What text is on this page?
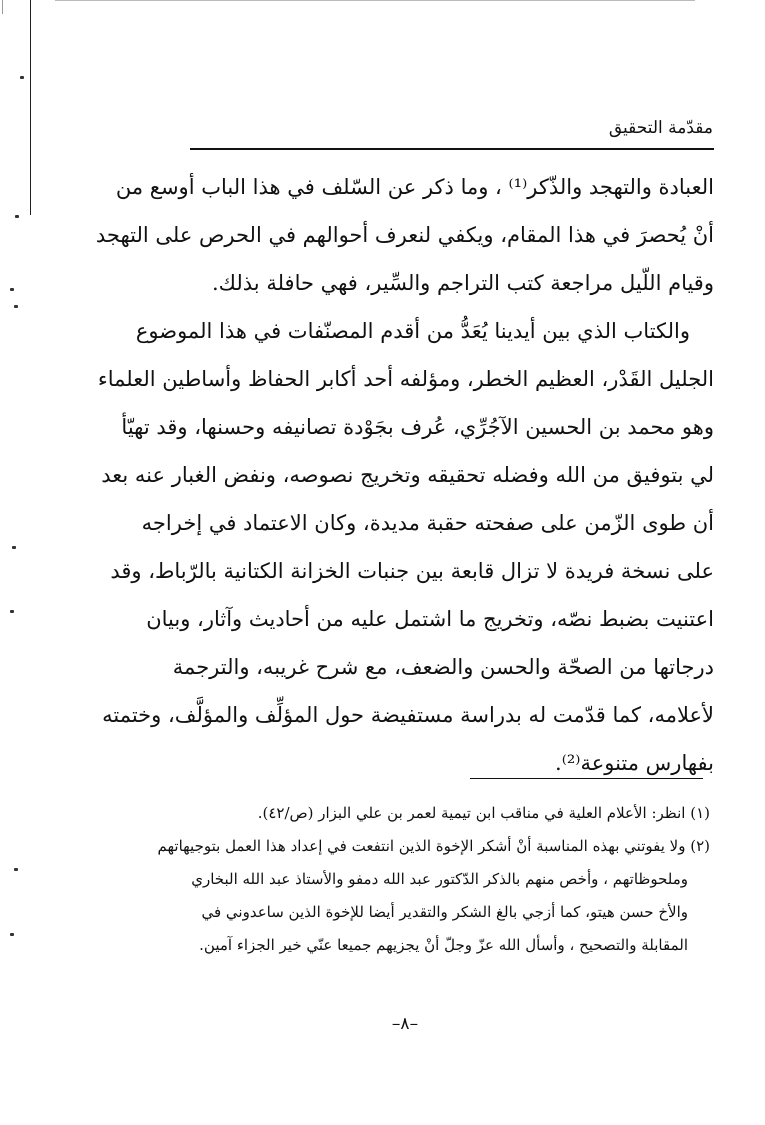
مقدّمة التحقيق
العبادة والتهجد والذّكر⁽¹⁾ ، وما ذكر عن السّلف في هذا الباب أوسع من
أنْ يُحصرَ في هذا المقام، ويكفي لنعرف أحوالهم في الحرص على التهجد
وقيام اللّيل مراجعة كتب التراجم والسِّير، فهي حافلة بذلك.
والكتاب الذي بين أيدينا يُعَدُّ من أقدم المصنّفات في هذا الموضوع
الجليل القَدْر، العظيم الخطر، ومؤلفه أحد أكابر الحفاظ وأساطين العلماء
وهو محمد بن الحسين الآجُرِّي، عُرف بجَوْدة تصانيفه وحسنها، وقد تهيّأ
لي بتوفيق من الله وفضله تحقيقه وتخريج نصوصه، ونفض الغبار عنه بعد
أن طوى الزّمن على صفحته حقبة مديدة، وكان الاعتماد في إخراجه
على نسخة فريدة لا تزال قابعة بين جنبات الخزانة الكتانية بالرّباط، وقد
اعتنيت بضبط نصّه، وتخريج ما اشتمل عليه من أحاديث وآثار، وبيان
درجاتها من الصحّة والحسن والضعف، مع شرح غريبه، والترجمة
لأعلامه، كما قدّمت له بدراسة مستفيضة حول المؤلِّف والمؤلَّف، وختمته
بفهارس متنوعة⁽²⁾.
(١) انظر: الأعلام العلية في مناقب ابن تيمية لعمر بن علي البزار (ص/٤٢).
(٢) ولا يفوتني بهذه المناسبة أنْ أشكر الإخوة الذين انتفعت في إعداد هذا العمل بتوجيهاتهم
وملحوظاتهم ، وأخص منهم بالذكر الدّكتور عبد الله دمفو والأستاذ عبد الله البخاري
والأخ حسن هيتو، كما أزجي بالغ الشكر والتقدير أيضا للإخوة الذين ساعدوني في
المقابلة والتصحيح ، وأسأل الله عزّ وجلّ أنْ يجزيهم جميعا عنّي خير الجزاء آمين.
–٨–
